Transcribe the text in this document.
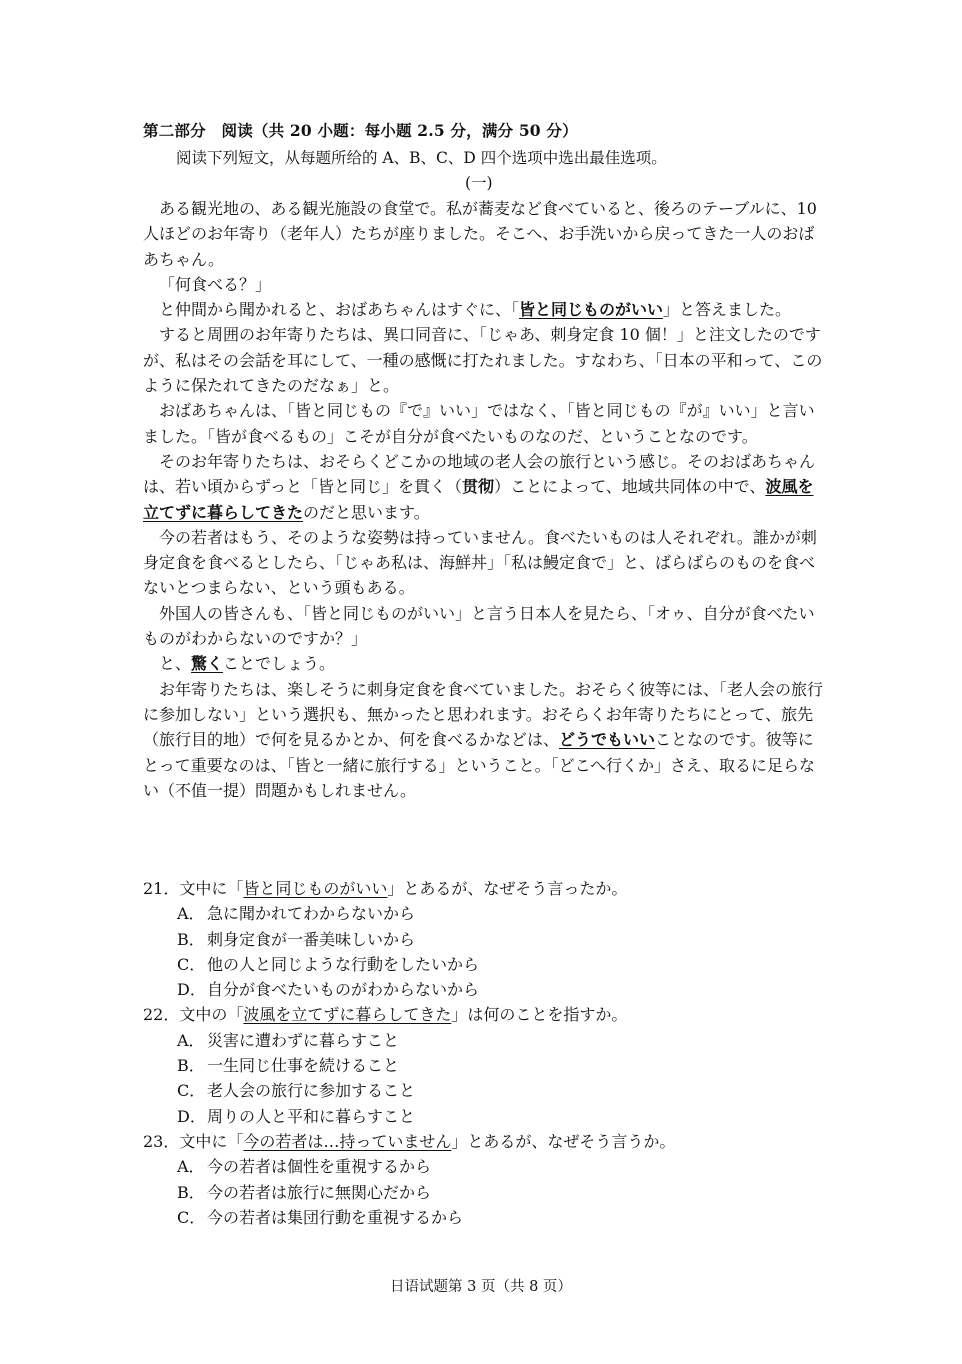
第二部分　阅读（共 20 小题：每小题 2.5 分，满分 50 分）
阅读下列短文，从每题所给的 A、B、C、D 四个选项中选出最佳选项。
(一)

ある観光地の、ある観光施設の食堂で。私が蕎麦など食べていると、後ろのテーブルに、10 人ほどのお年寄り（老年人）たちが座りました。そこへ、お手洗いから戻ってきた一人のおばあちゃん。

「何食べる？」

と仲間から聞かれると、おばあちゃんはすぐに、「皆と同じものがいい」と答えました。

すると周囲のお年寄りたちは、異口同音に、「じゃあ、刺身定食 10 個！」と注文したのですが、私はその会話を耳にして、一種の感慨に打たれました。すなわち、「日本の平和って、このように保たれてきたのだなぁ」と。

おばあちゃんは、「皆と同じもの『で』いい」ではなく、「皆と同じもの『が』いい」と言いました。「皆が食べるもの」こそが自分が食べたいものなのだ、ということなのです。

そのお年寄りたちは、おそらくどこかの地域の老人会の旅行という感じ。そのおばあちゃんは、若い頃からずっと「皆と同じ」を貫く（贯彻）ことによって、地域共同体の中で、波風を立てずに暮らしてきたのだと思います。

今の若者はもう、そのような姿勢は持っていません。食べたいものは人それぞれ。誰かが刺身定食を食べるとしたら、「じゃあ私は、海鮮丼」「私は鰻定食で」と、ばらばらのものを食べないとつまらない、という頭もある。

外国人の皆さんも、「皆と同じものがいい」と言う日本人を見たら、「オゥ、自分が食べたいものがわからないのですか？」

と、驚くことでしょう。

お年寄りたちは、楽しそうに刺身定食を食べていました。おそらく彼等には、「老人会の旅行に参加しない」という選択も、無かったと思われます。おそらくお年寄りたちにとって、旅先（旅行目的地）で何を見るかとか、何を食べるかなどは、どうでもいいことなのです。彼等にとって重要なのは、「皆と一緒に旅行する」ということ。「どこへ行くか」さえ、取るに足らない（不值一提）問題かもしれません。

21．文中に「皆と同じものがいい」とあるが、なぜそう言ったか。

A． 急に聞かれてわからないから

B． 刺身定食が一番美味しいから

C． 他の人と同じような行動をしたいから

D．自分が食べたいものがわからないから

22．文中の「波風を立てずに暮らしてきた」は何のことを指すか。

A． 災害に遭わずに暮らすこと

B． 一生同じ仕事を続けること

C． 老人会の旅行に参加すること

D．周りの人と平和に暮らすこと

23．文中に「今の若者は…持っていません」とあるが、なぜそう言うか。

A． 今の若者は個性を重視するから

B． 今の若者は旅行に無関心だから

C． 今の若者は集団行動を重視するから

日语试题第 3 页（共 8 页）
